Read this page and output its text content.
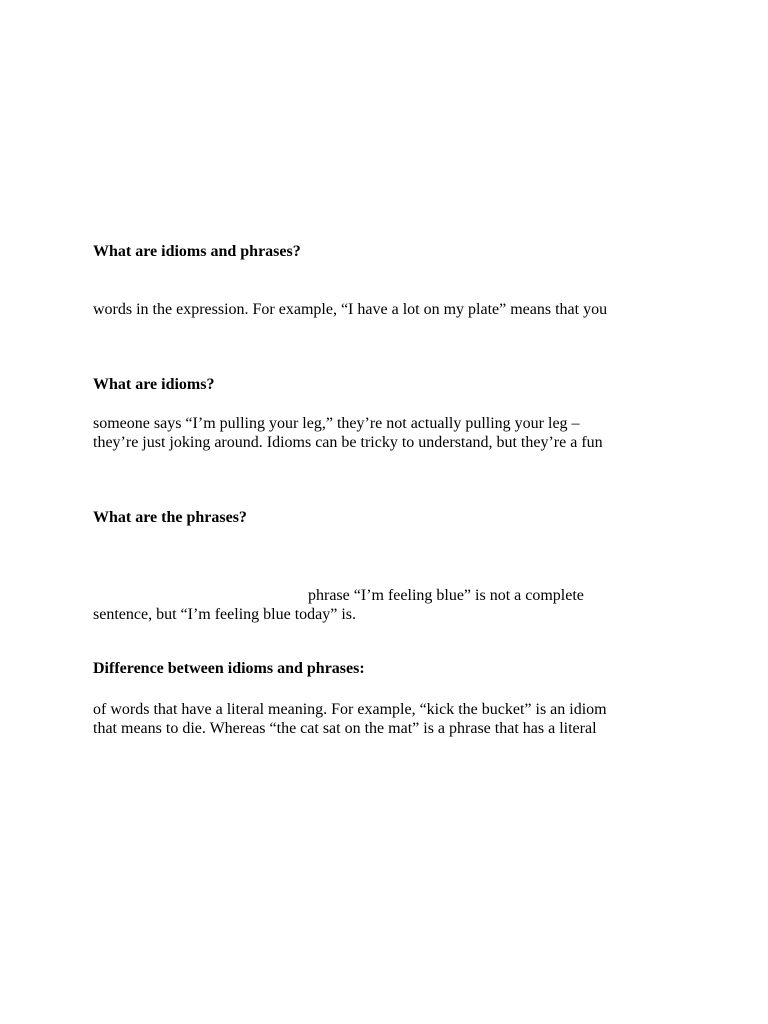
What are idioms and phrases?
words in the expression. For example, “I have a lot on my plate” means that you
What are idioms?
someone says “I’m pulling your leg,” they’re not actually pulling your leg –
they’re just joking around. Idioms can be tricky to understand, but they’re a fun
What are the phrases?
phrase “I’m feeling blue” is not a complete
sentence, but “I’m feeling blue today” is.
Difference between idioms and phrases:
of words that have a literal meaning. For example, “kick the bucket” is an idiom
that means to die. Whereas “the cat sat on the mat” is a phrase that has a literal
